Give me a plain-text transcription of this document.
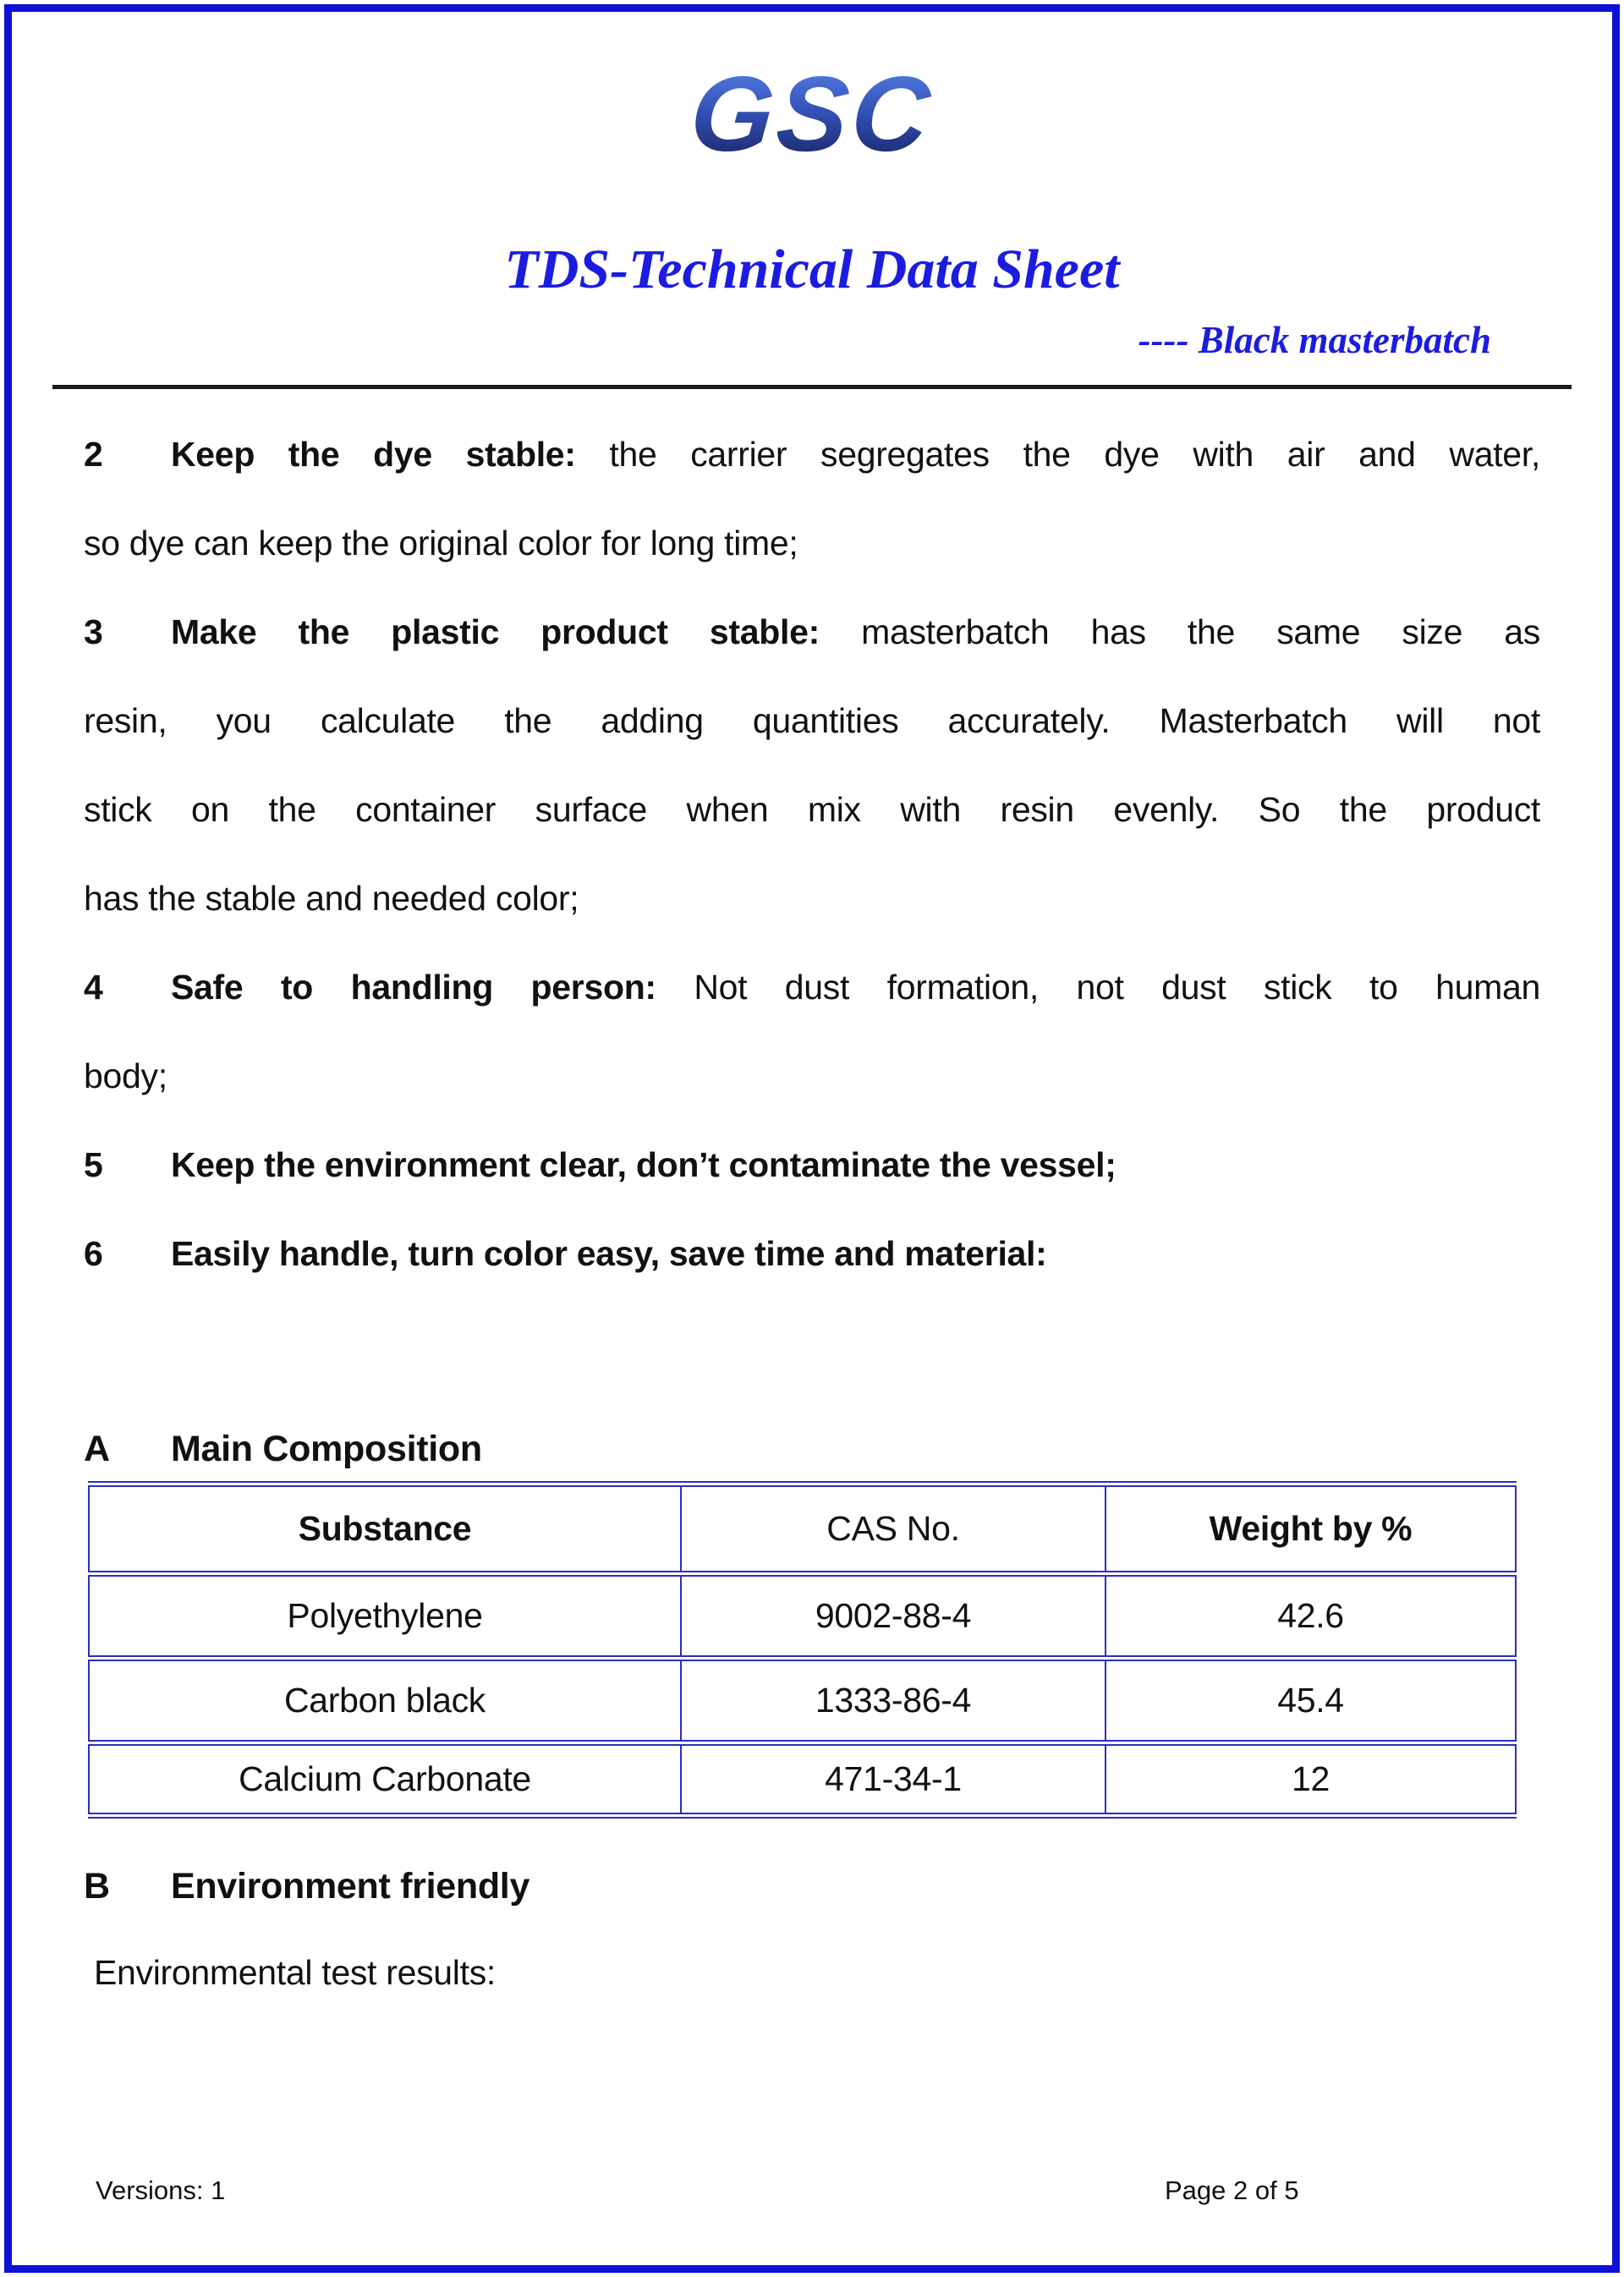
GSC
TDS-Technical Data Sheet
---- Black masterbatch
2 Keep the dye stable: the carrier segregates the dye with air and water,
so dye can keep the original color for long time;
3 Make the plastic product stable: masterbatch has the same size as
resin, you calculate the adding quantities accurately. Masterbatch will not
stick on the container surface when mix with resin evenly. So the product
has the stable and needed color;
4 Safe to handling person: Not dust formation, not dust stick to human
body;
5 Keep the environment clear, don’t contaminate the vessel;
6 Easily handle, turn color easy, save time and material:
A Main Composition
Substance	CAS No.	Weight by %
Polyethylene	9002-88-4	42.6
Carbon black	1333-86-4	45.4
Calcium Carbonate	471-34-1	12
B Environment friendly
Environmental test results:
Versions: 1	Page 2 of 5
